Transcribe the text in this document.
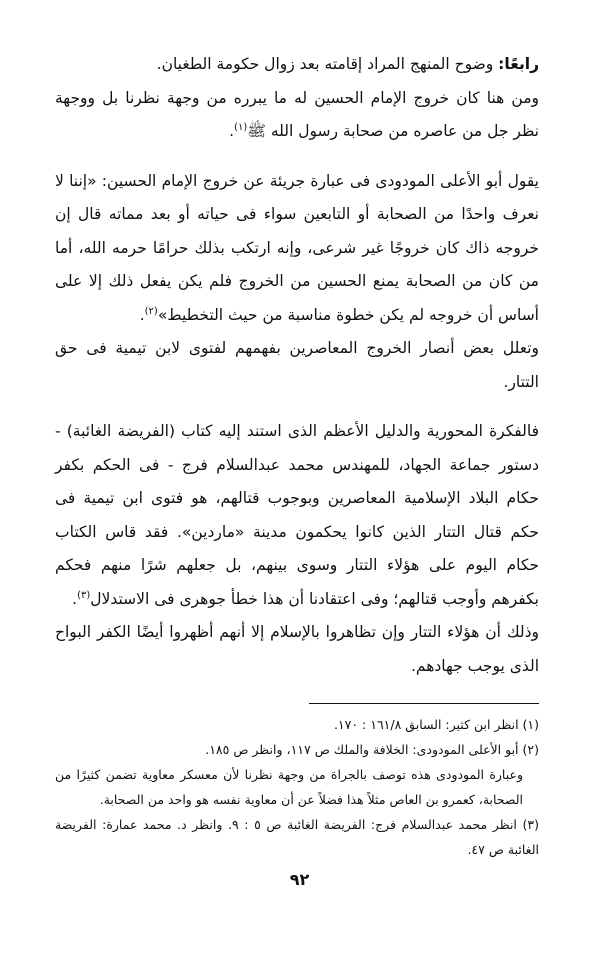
رابعًا: وضوح المنهج المراد إقامته بعد زوال حكومة الطغيان.

ومن هنا كان خروج الإمام الحسين له ما يبرره من وجهة نظرنا بل ووجهة نظر جل من عاصره من صحابة رسول الله ﷺ$^{(١)}$.

يقول أبو الأعلى المودودى فى عبارة جريئة عن خروج الإمام الحسين: «إننا لا نعرف واحدًا من الصحابة أو التابعين سواء فى حياته أو بعد مماته قال إن خروجه ذاك كان خروجًا غير شرعى، وإنه ارتكب بذلك حرامًا حرمه الله، أما من كان من الصحابة يمنع الحسين من الخروج فلم يكن يفعل ذلك إلا على أساس أن خروجه لم يكن خطوة مناسبة من حيث التخطيط»$^{(٢)}$.

وتعلل بعض أنصار الخروج المعاصرين بفهمهم لفتوى لابن تيمية فى حق التتار.

فالفكرة المحورية والدليل الأعظم الذى استند إليه كتاب (الفريضة الغائبة) - دستور جماعة الجهاد، للمهندس محمد عبدالسلام فرج - فى الحكم بكفر حكام البلاد الإسلامية المعاصرين وبوجوب قتالهم، هو فتوى ابن تيمية فى حكم قتال التتار الذين كانوا يحكمون مدينة «ماردين». فقد قاس الكتاب حكام اليوم على هؤلاء التتار وسوى بينهم، بل جعلهم شرًا منهم فحكم بكفرهم وأوجب قتالهم؛ وفى اعتقادنا أن هذا خطأ جوهرى فى الاستدلال$^{(٣)}$.

وذلك أن هؤلاء التتار وإن تظاهروا بالإسلام إلا أنهم أظهروا أيضًا الكفر البواح الذى يوجب جهادهم.

(١) انظر ابن كثير: السابق ١٦١/٨ : ١٧٠.

(٢) أبو الأعلى المودودى: الخلافة والملك ص ١١٧، وانظر ص ١٨٥.

وعبارة المودودى هذه توصف بالجراة من وجهة نظرنا لأن معسكر معاوية تضمن كثيرًا من الصحابة، كعمرو بن العاص مثلاً هذا فضلاً عن أن معاوية نفسه هو واحد من الصحابة.

(٣) انظر محمد عبدالسلام فرج: الفريضة الغائبة ص ٥ : ٩. وانظر د. محمد عمارة: الفريضة الغائبة ص ٤٧.

٩٢
